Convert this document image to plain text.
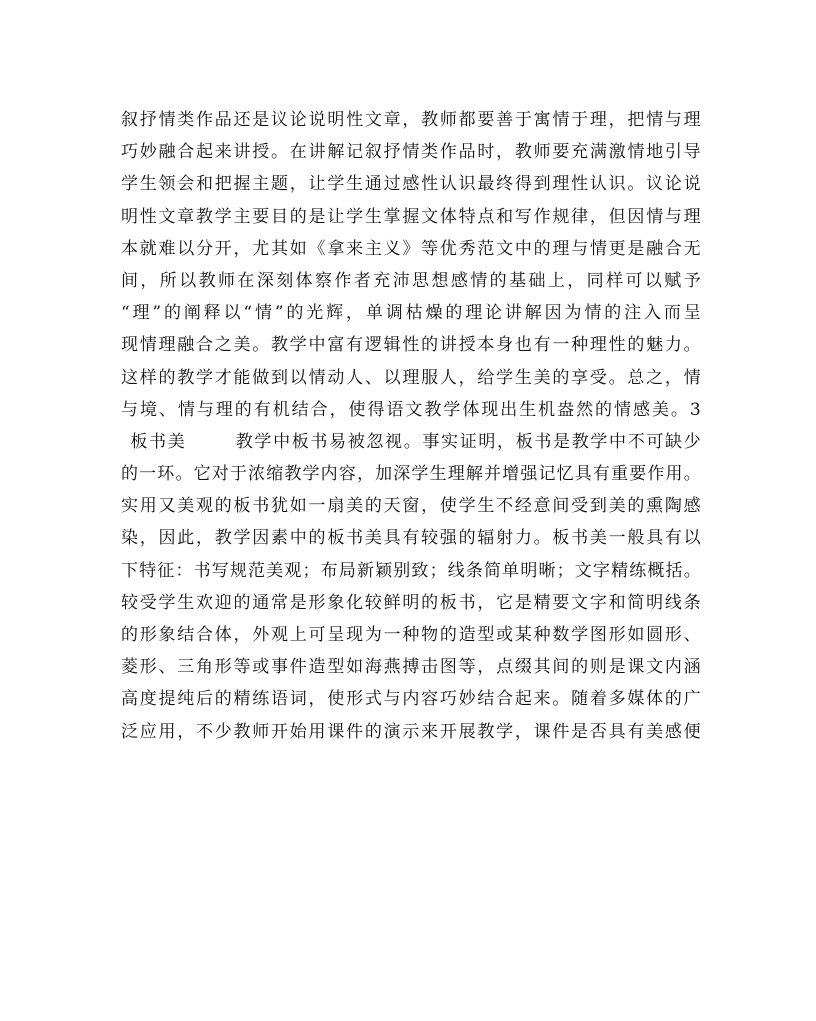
叙抒情类作品还是议论说明性文章，教师都要善于寓情于理，把情与理
巧妙融合起来讲授。在讲解记叙抒情类作品时，教师要充满激情地引导
学生领会和把握主题，让学生通过感性认识最终得到理性认识。议论说
明性文章教学主要目的是让学生掌握文体特点和写作规律，但因情与理
本就难以分开，尤其如《拿来主义》等优秀范文中的理与情更是融合无
间，所以教师在深刻体察作者充沛思想感情的基础上，同样可以赋予
“理”的阐释以“情”的光辉，单调枯燥的理论讲解因为情的注入而呈
现情理融合之美。教学中富有逻辑性的讲授本身也有一种理性的魅力。
这样的教学才能做到以情动人、以理服人，给学生美的享受。总之，情
与境、情与理的有机结合，使得语文教学体现出生机盎然的情感美。3
板书美	教学中板书易被忽视。事实证明，板书是教学中不可缺少
的一环。它对于浓缩教学内容，加深学生理解并增强记忆具有重要作用。
实用又美观的板书犹如一扇美的天窗，使学生不经意间受到美的熏陶感
染，因此，教学因素中的板书美具有较强的辐射力。板书美一般具有以
下特征：书写规范美观；布局新颖别致；线条简单明晰；文字精练概括。
较受学生欢迎的通常是形象化较鲜明的板书，它是精要文字和简明线条
的形象结合体，外观上可呈现为一种物的造型或某种数学图形如圆形、
菱形、三角形等或事件造型如海燕搏击图等，点缀其间的则是课文内涵
高度提纯后的精练语词，使形式与内容巧妙结合起来。随着多媒体的广
泛应用，不少教师开始用课件的演示来开展教学，课件是否具有美感便
